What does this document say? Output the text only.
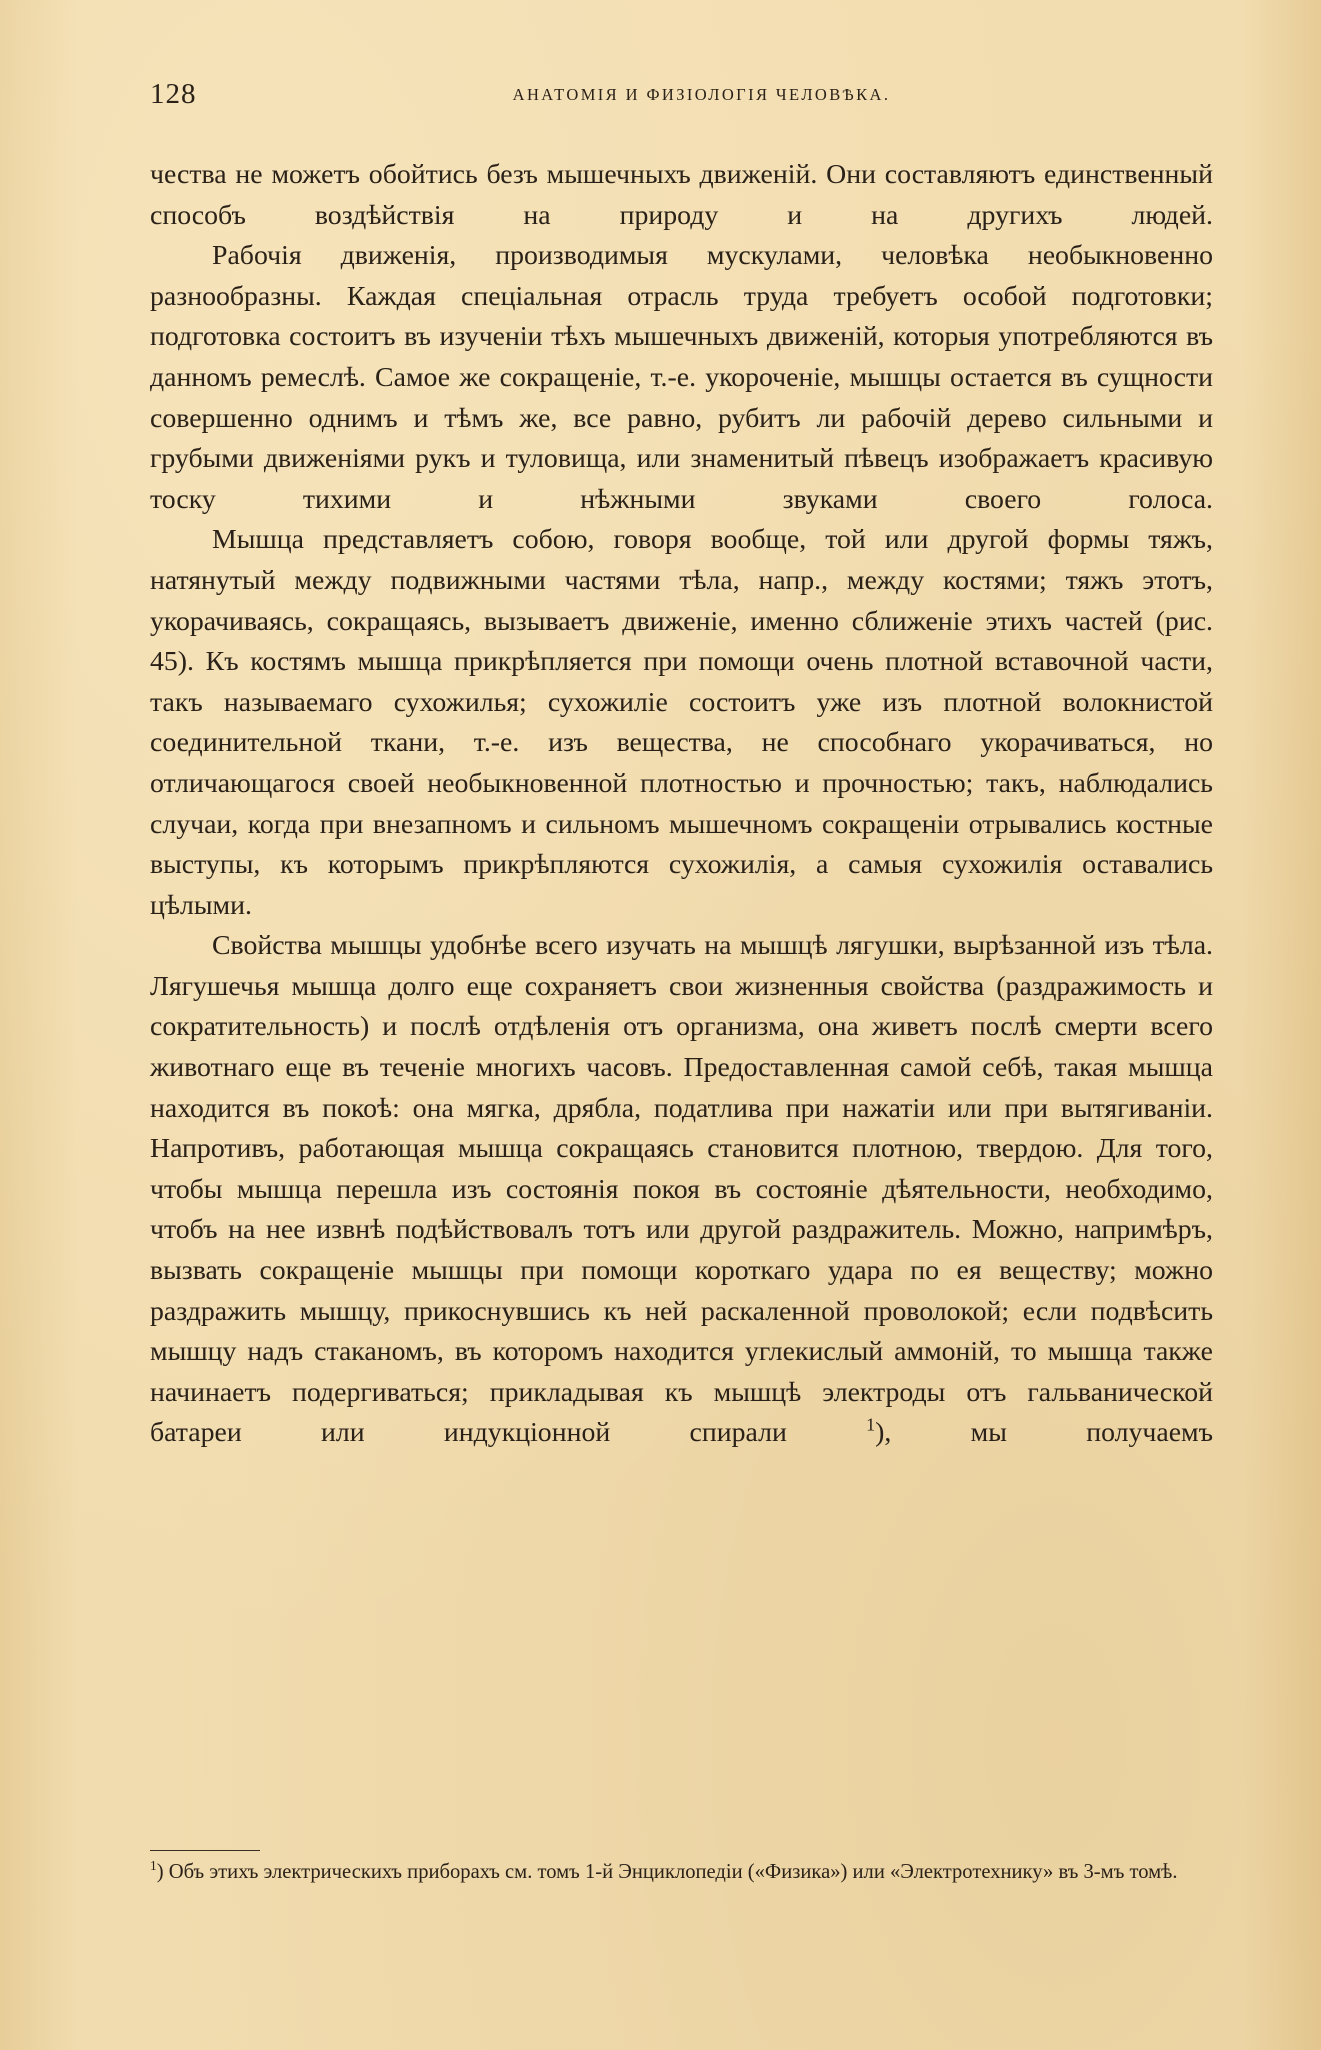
128	АНАТОМІЯ И ФИЗІОЛОГІЯ ЧЕЛОВѢКА.

чества не можетъ обойтись безъ мышечныхъ движеній. Они составляютъ единственный способъ воздѣйствія на природу и на другихъ людей.

Рабочія движенія, производимыя мускулами, человѣка необыкновенно разнообразны. Каждая спеціальная отрасль труда требуетъ особой подготовки; подготовка состоитъ въ изученіи тѣхъ мышечныхъ движеній, которыя употребляются въ данномъ ремеслѣ. Самое же сокращеніе, т.-е. укороченіе, мышцы остается въ сущности совершенно однимъ и тѣмъ же, все равно, рубитъ ли рабочій дерево сильными и грубыми движеніями рукъ и туловища, или знаменитый пѣвецъ изображаетъ красивую тоску тихими и нѣжными звуками своего голоса.

Мышца представляетъ собою, говоря вообще, той или другой формы тяжъ, натянутый между подвижными частями тѣла, напр., между костями; тяжъ этотъ, укорачиваясь, сокращаясь, вызываетъ движеніе, именно сближеніе этихъ частей (рис. 45). Къ костямъ мышца прикрѣпляется при помощи очень плотной вставочной части, такъ называемаго сухожилья; сухожиліе состоитъ уже изъ плотной волокнистой соединительной ткани, т.-е. изъ вещества, не способнаго укорачиваться, но отличающагося своей необыкновенной плотностью и прочностью; такъ, наблюдались случаи, когда при внезапномъ и сильномъ мышечномъ сокращеніи отрывались костные выступы, къ которымъ прикрѣпляются сухожилія, а самыя сухожилія оставались цѣлыми.

Свойства мышцы удобнѣе всего изучать на мышцѣ лягушки, вырѣзанной изъ тѣла. Лягушечья мышца долго еще сохраняетъ свои жизненныя свойства (раздражимость и сократительность) и послѣ отдѣленія отъ организма, она живетъ послѣ смерти всего животнаго еще въ теченіе многихъ часовъ. Предоставленная самой себѣ, такая мышца находится въ покоѣ: она мягка, дрябла, податлива при нажатіи или при вытягиваніи. Напротивъ, работающая мышца сокращаясь становится плотною, твердою. Для того, чтобы мышца перешла изъ состоянія покоя въ состояніе дѣятельности, необходимо, чтобъ на нее извнѣ подѣйствовалъ тотъ или другой раздражитель. Можно, напримѣръ, вызвать сокращеніе мышцы при помощи короткаго удара по ея веществу; можно раздражить мышцу, прикоснувшись къ ней раскаленной проволокой; если подвѣсить мышцу надъ стаканомъ, въ которомъ находится углекислый аммоній, то мышца также начинаетъ подергиваться; прикладывая къ мышцѣ электроды отъ гальванической батареи или индукціонной спирали	$^1$), мы получаемъ

$^1$) Объ этихъ электрическихъ приборахъ см. томъ 1-й Энциклопедіи («Физика») или «Электротехнику» въ 3-мъ томѣ.
